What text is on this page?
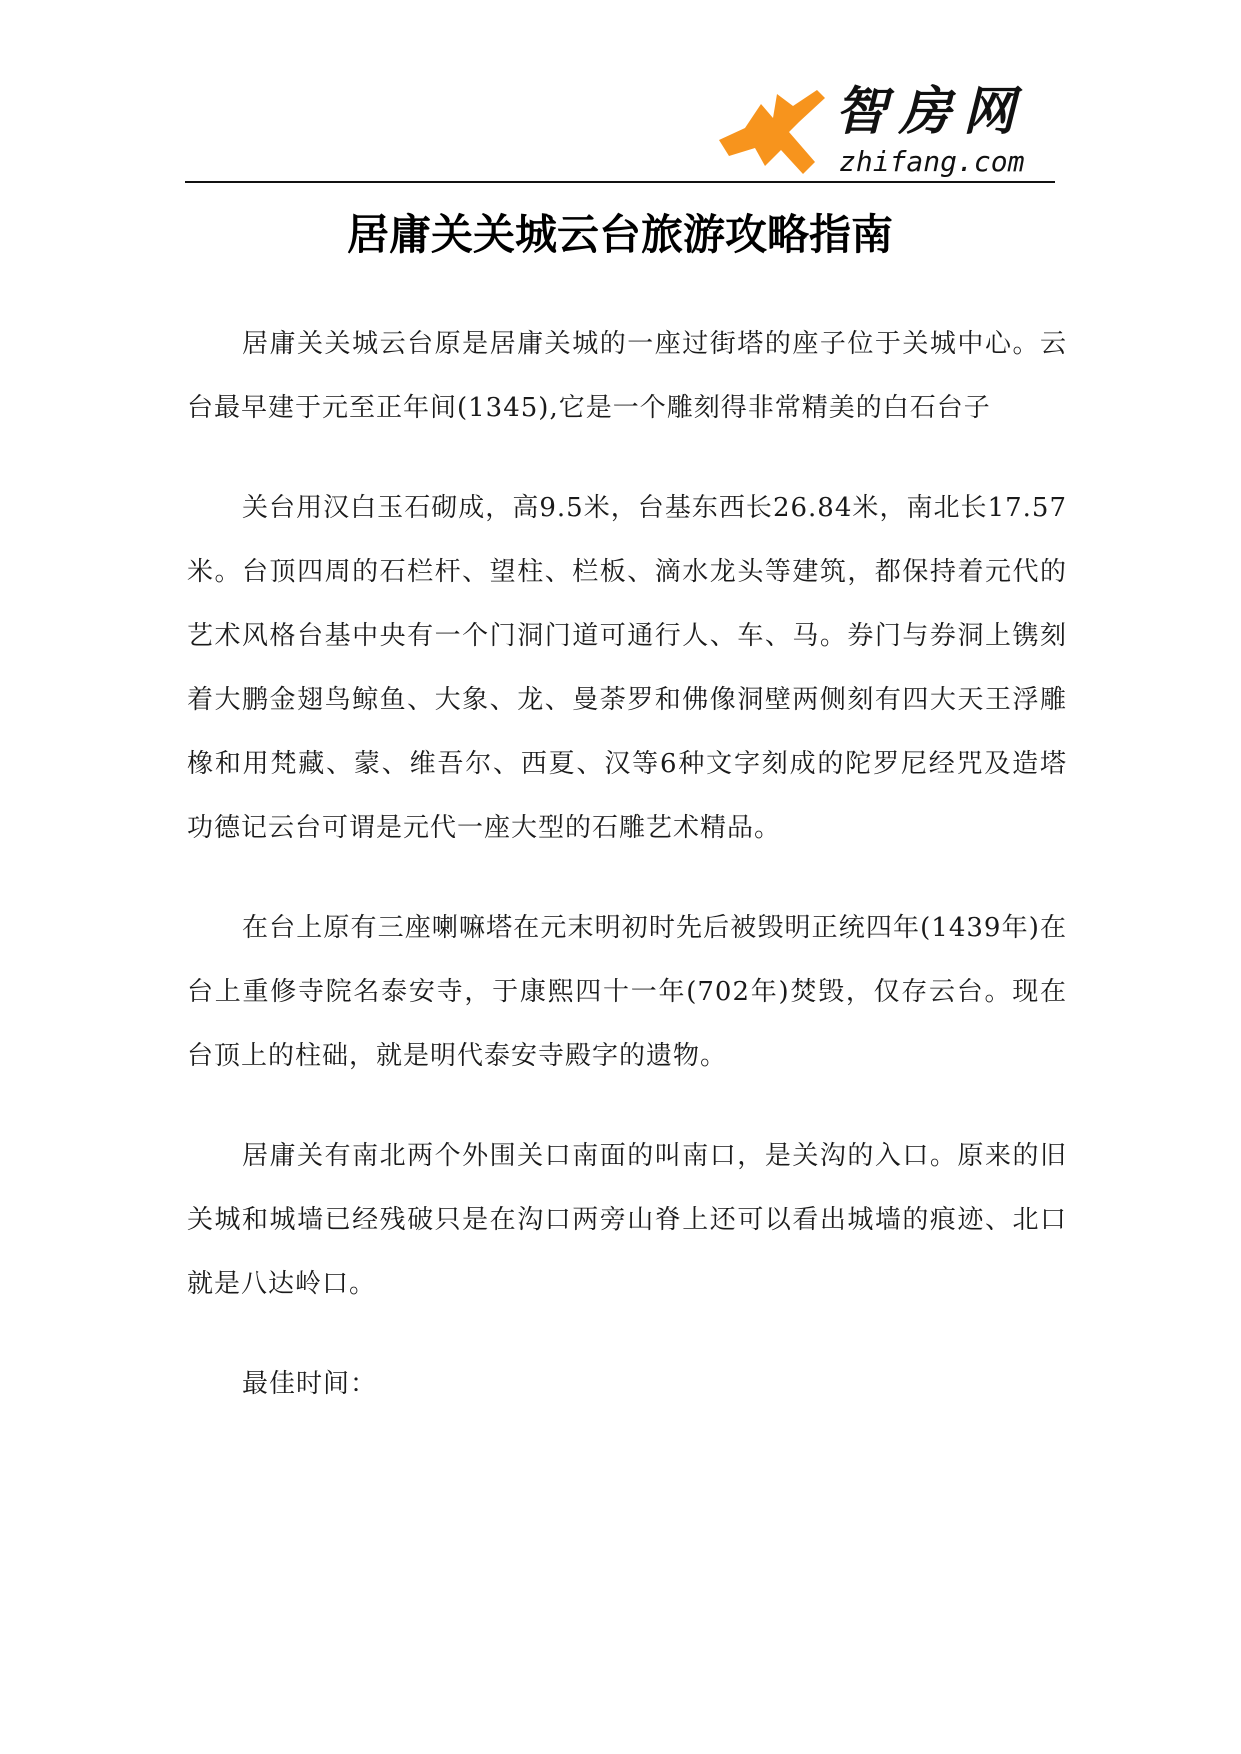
智房网
zhifang.com
居庸关关城云台旅游攻略指南

居庸关关城云台原是居庸关城的一座过街塔的座子位于关城中心。云台最早建于元至正年间(1345),它是一个雕刻得非常精美的白石台子

关台用汉白玉石砌成，高9.5米，台基东西长26.84米，南北长17.57米。台顶四周的石栏杆、望柱、栏板、滴水龙头等建筑，都保持着元代的艺术风格台基中央有一个门洞门道可通行人、车、马。券门与券洞上镌刻着大鹏金翅鸟鲸鱼、大象、龙、曼荼罗和佛像洞壁两侧刻有四大天王浮雕橡和用梵藏、蒙、维吾尔、西夏、汉等6种文字刻成的陀罗尼经咒及造塔功德记云台可谓是元代一座大型的石雕艺术精品。

在台上原有三座喇嘛塔在元末明初时先后被毁明正统四年(1439年)在台上重修寺院名泰安寺，于康熙四十一年(702年)焚毁，仅存云台。现在台顶上的柱础，就是明代泰安寺殿字的遗物。

居庸关有南北两个外围关口南面的叫南口，是关沟的入口。原来的旧关城和城墙已经残破只是在沟口两旁山脊上还可以看出城墙的痕迹、北口就是八达岭口。

最佳时间：
